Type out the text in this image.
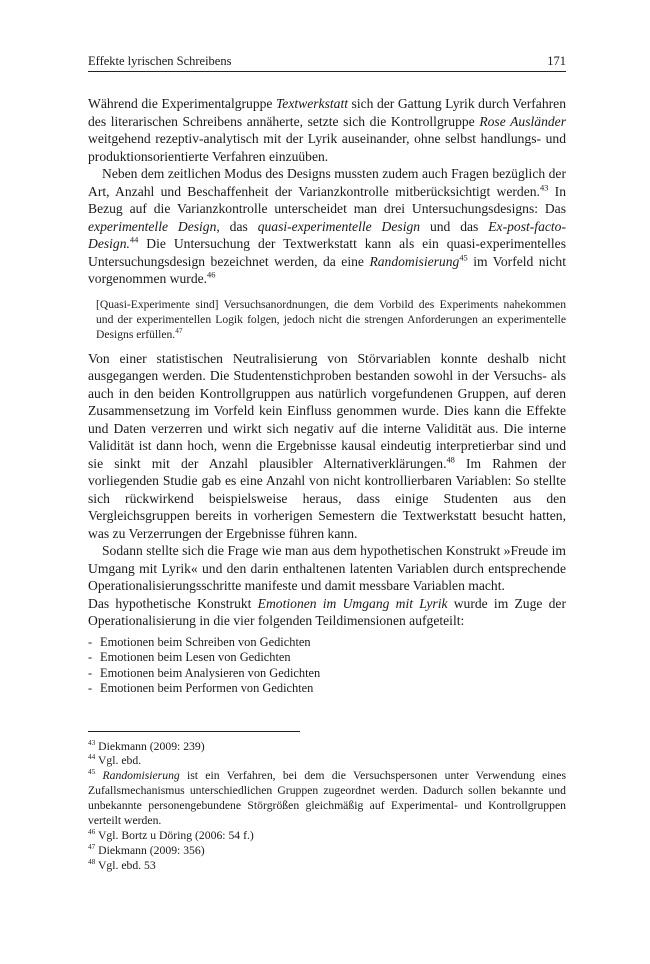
Effekte lyrischen Schreibens	171

Während die Experimentalgruppe Textwerkstatt sich der Gattung Lyrik durch Verfahren des literarischen Schreibens annäherte, setzte sich die Kontrollgruppe Rose Ausländer weitgehend rezeptiv-analytisch mit der Lyrik auseinander, ohne selbst handlungs- und produktionsorientierte Verfahren einzuüben.

Neben dem zeitlichen Modus des Designs mussten zudem auch Fragen bezüglich der Art, Anzahl und Beschaffenheit der Varianzkontrolle mitberücksichtigt werden.$^{43}$ In Bezug auf die Varianzkontrolle unterscheidet man drei Untersuchungsdesigns: Das experimentelle Design, das quasi-experimentelle Design und das Ex-post-facto-Design.$^{44}$ Die Untersuchung der Textwerkstatt kann als ein quasi-experimentelles Untersuchungsdesign bezeichnet werden, da eine Randomisierung$^{45}$ im Vorfeld nicht vorgenommen wurde.$^{46}$

[Quasi-Experimente sind] Versuchsanordnungen, die dem Vorbild des Experiments nahekommen und der experimentellen Logik folgen, jedoch nicht die strengen Anforderungen an experimentelle Designs erfüllen.$^{47}$

Von einer statistischen Neutralisierung von Störvariablen konnte deshalb nicht ausgegangen werden. Die Studentenstichproben bestanden sowohl in der Versuchs- als auch in den beiden Kontrollgruppen aus natürlich vorgefundenen Gruppen, auf deren Zusammensetzung im Vorfeld kein Einfluss genommen wurde. Dies kann die Effekte und Daten verzerren und wirkt sich negativ auf die interne Validität aus. Die interne Validität ist dann hoch, wenn die Ergebnisse kausal eindeutig interpretierbar sind und sie sinkt mit der Anzahl plausibler Alternativerklärungen.$^{48}$ Im Rahmen der vorliegenden Studie gab es eine Anzahl von nicht kontrollierbaren Variablen: So stellte sich rückwirkend beispielsweise heraus, dass einige Studenten aus den Vergleichsgruppen bereits in vorherigen Semestern die Textwerkstatt besucht hatten, was zu Verzerrungen der Ergebnisse führen kann.

Sodann stellte sich die Frage wie man aus dem hypothetischen Konstrukt »Freude im Umgang mit Lyrik« und den darin enthaltenen latenten Variablen durch entsprechende Operationalisierungsschritte manifeste und damit messbare Variablen macht.

Das hypothetische Konstrukt Emotionen im Umgang mit Lyrik wurde im Zuge der Operationalisierung in die vier folgenden Teildimensionen aufgeteilt:

- Emotionen beim Schreiben von Gedichten
- Emotionen beim Lesen von Gedichten
- Emotionen beim Analysieren von Gedichten
- Emotionen beim Performen von Gedichten

$^{43}$ Diekmann (2009: 239)

$^{44}$ Vgl. ebd.

$^{45}$ Randomisierung ist ein Verfahren, bei dem die Versuchspersonen unter Verwendung eines Zufallsmechanismus unterschiedlichen Gruppen zugeordnet werden. Dadurch sollen bekannte und unbekannte personengebundene Störgrößen gleichmäßig auf Experimental- und Kontrollgruppen verteilt werden.

$^{46}$ Vgl. Bortz u Döring (2006: 54 f.)

$^{47}$ Diekmann (2009: 356)

$^{48}$ Vgl. ebd. 53
